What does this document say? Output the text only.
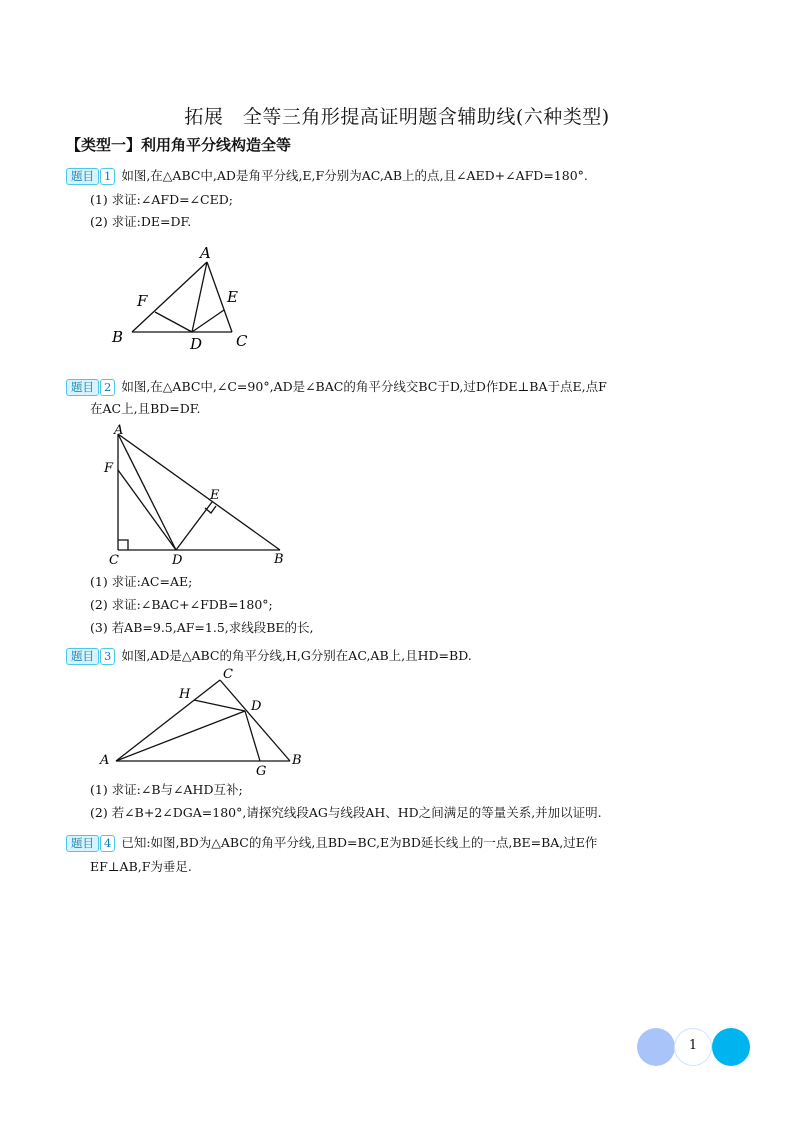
拓展　全等三角形提高证明题含辅助线(六种类型)
【类型一】利用角平分线构造全等
题目 1 如图,在△ABC中,AD是角平分线,E,F分别为AC,AB上的点,且∠AED+∠AFD=180°.
(1) 求证:∠AFD=∠CED;
(2) 求证:DE=DF.
A
B	C
D
E
F
题目 2 如图,在△ABC中,∠C=90°,AD是∠BAC的角平分线交BC于D,过D作DE⊥BA于点E,点F
在AC上,且BD=DF.
A
B
C	D
E
F
(1) 求证:AC=AE;
(2) 求证:∠BAC+∠FDB=180°;
(3) 若AB=9.5,AF=1.5,求线段BE的长,
题目 3 如图,AD是△ABC的角平分线,H,G分别在AC,AB上,且HD=BD.
A	B
C
D
G
H
(1) 求证:∠B与∠AHD互补;
(2) 若∠B+2∠DGA=180°,请探究线段AG与线段AH、HD之间满足的等量关系,并加以证明.
题目 4 已知:如图,BD为△ABC的角平分线,且BD=BC,E为BD延长线上的一点,BE=BA,过E作
EF⊥AB,F为垂足.
1
